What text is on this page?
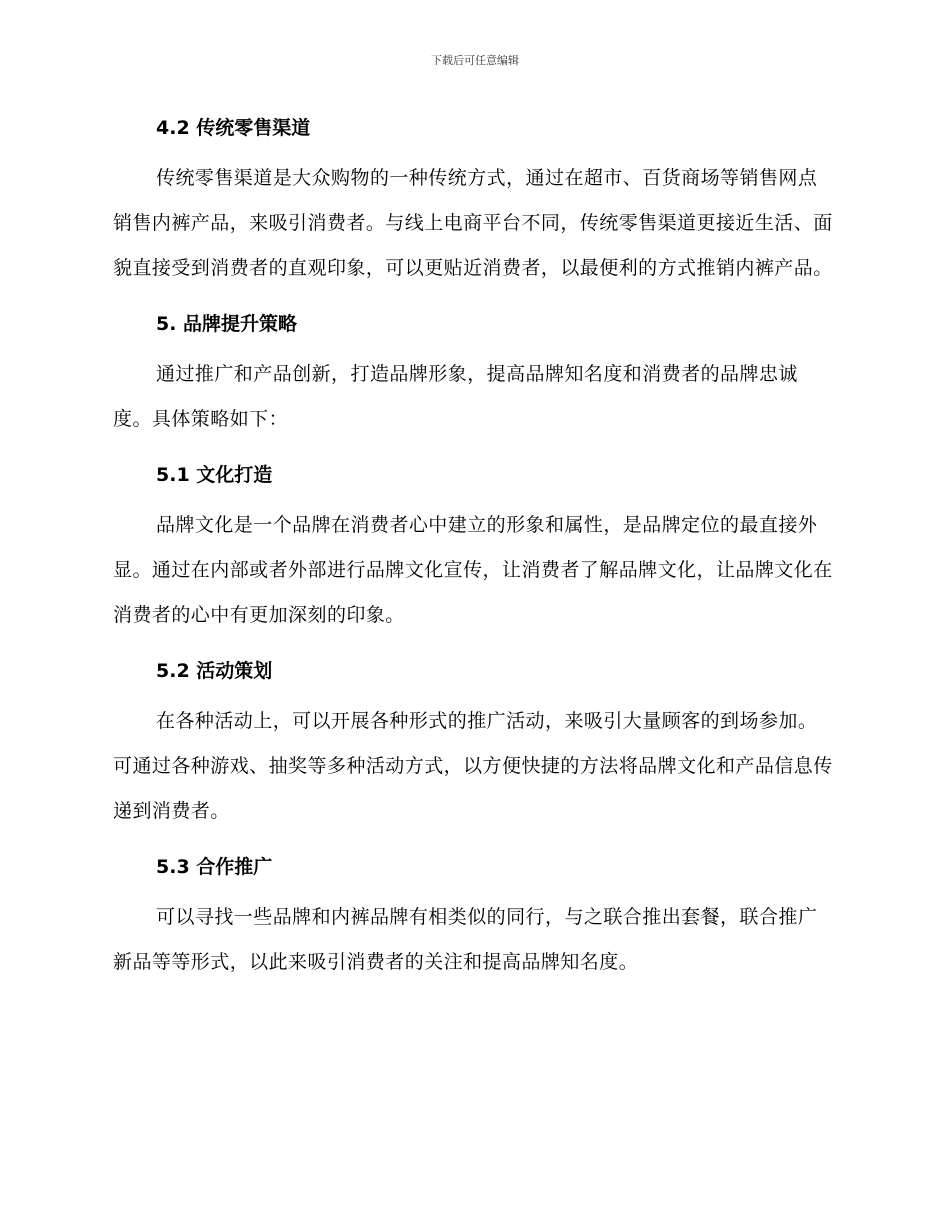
下载后可任意编辑
4.2 传统零售渠道

传统零售渠道是大众购物的一种传统方式，通过在超市、百货商场等销售网点销售内裤产品，来吸引消费者。与线上电商平台不同，传统零售渠道更接近生活、面貌直接受到消费者的直观印象，可以更贴近消费者，以最便利的方式推销内裤产品。

5. 品牌提升策略

通过推广和产品创新，打造品牌形象，提高品牌知名度和消费者的品牌忠诚度。具体策略如下：

5.1 文化打造

品牌文化是一个品牌在消费者心中建立的形象和属性，是品牌定位的最直接外显。通过在内部或者外部进行品牌文化宣传，让消费者了解品牌文化，让品牌文化在消费者的心中有更加深刻的印象。

5.2 活动策划

在各种活动上，可以开展各种形式的推广活动，来吸引大量顾客的到场参加。可通过各种游戏、抽奖等多种活动方式，以方便快捷的方法将品牌文化和产品信息传递到消费者。

5.3 合作推广

可以寻找一些品牌和内裤品牌有相类似的同行，与之联合推出套餐，联合推广新品等等形式，以此来吸引消费者的关注和提高品牌知名度。
